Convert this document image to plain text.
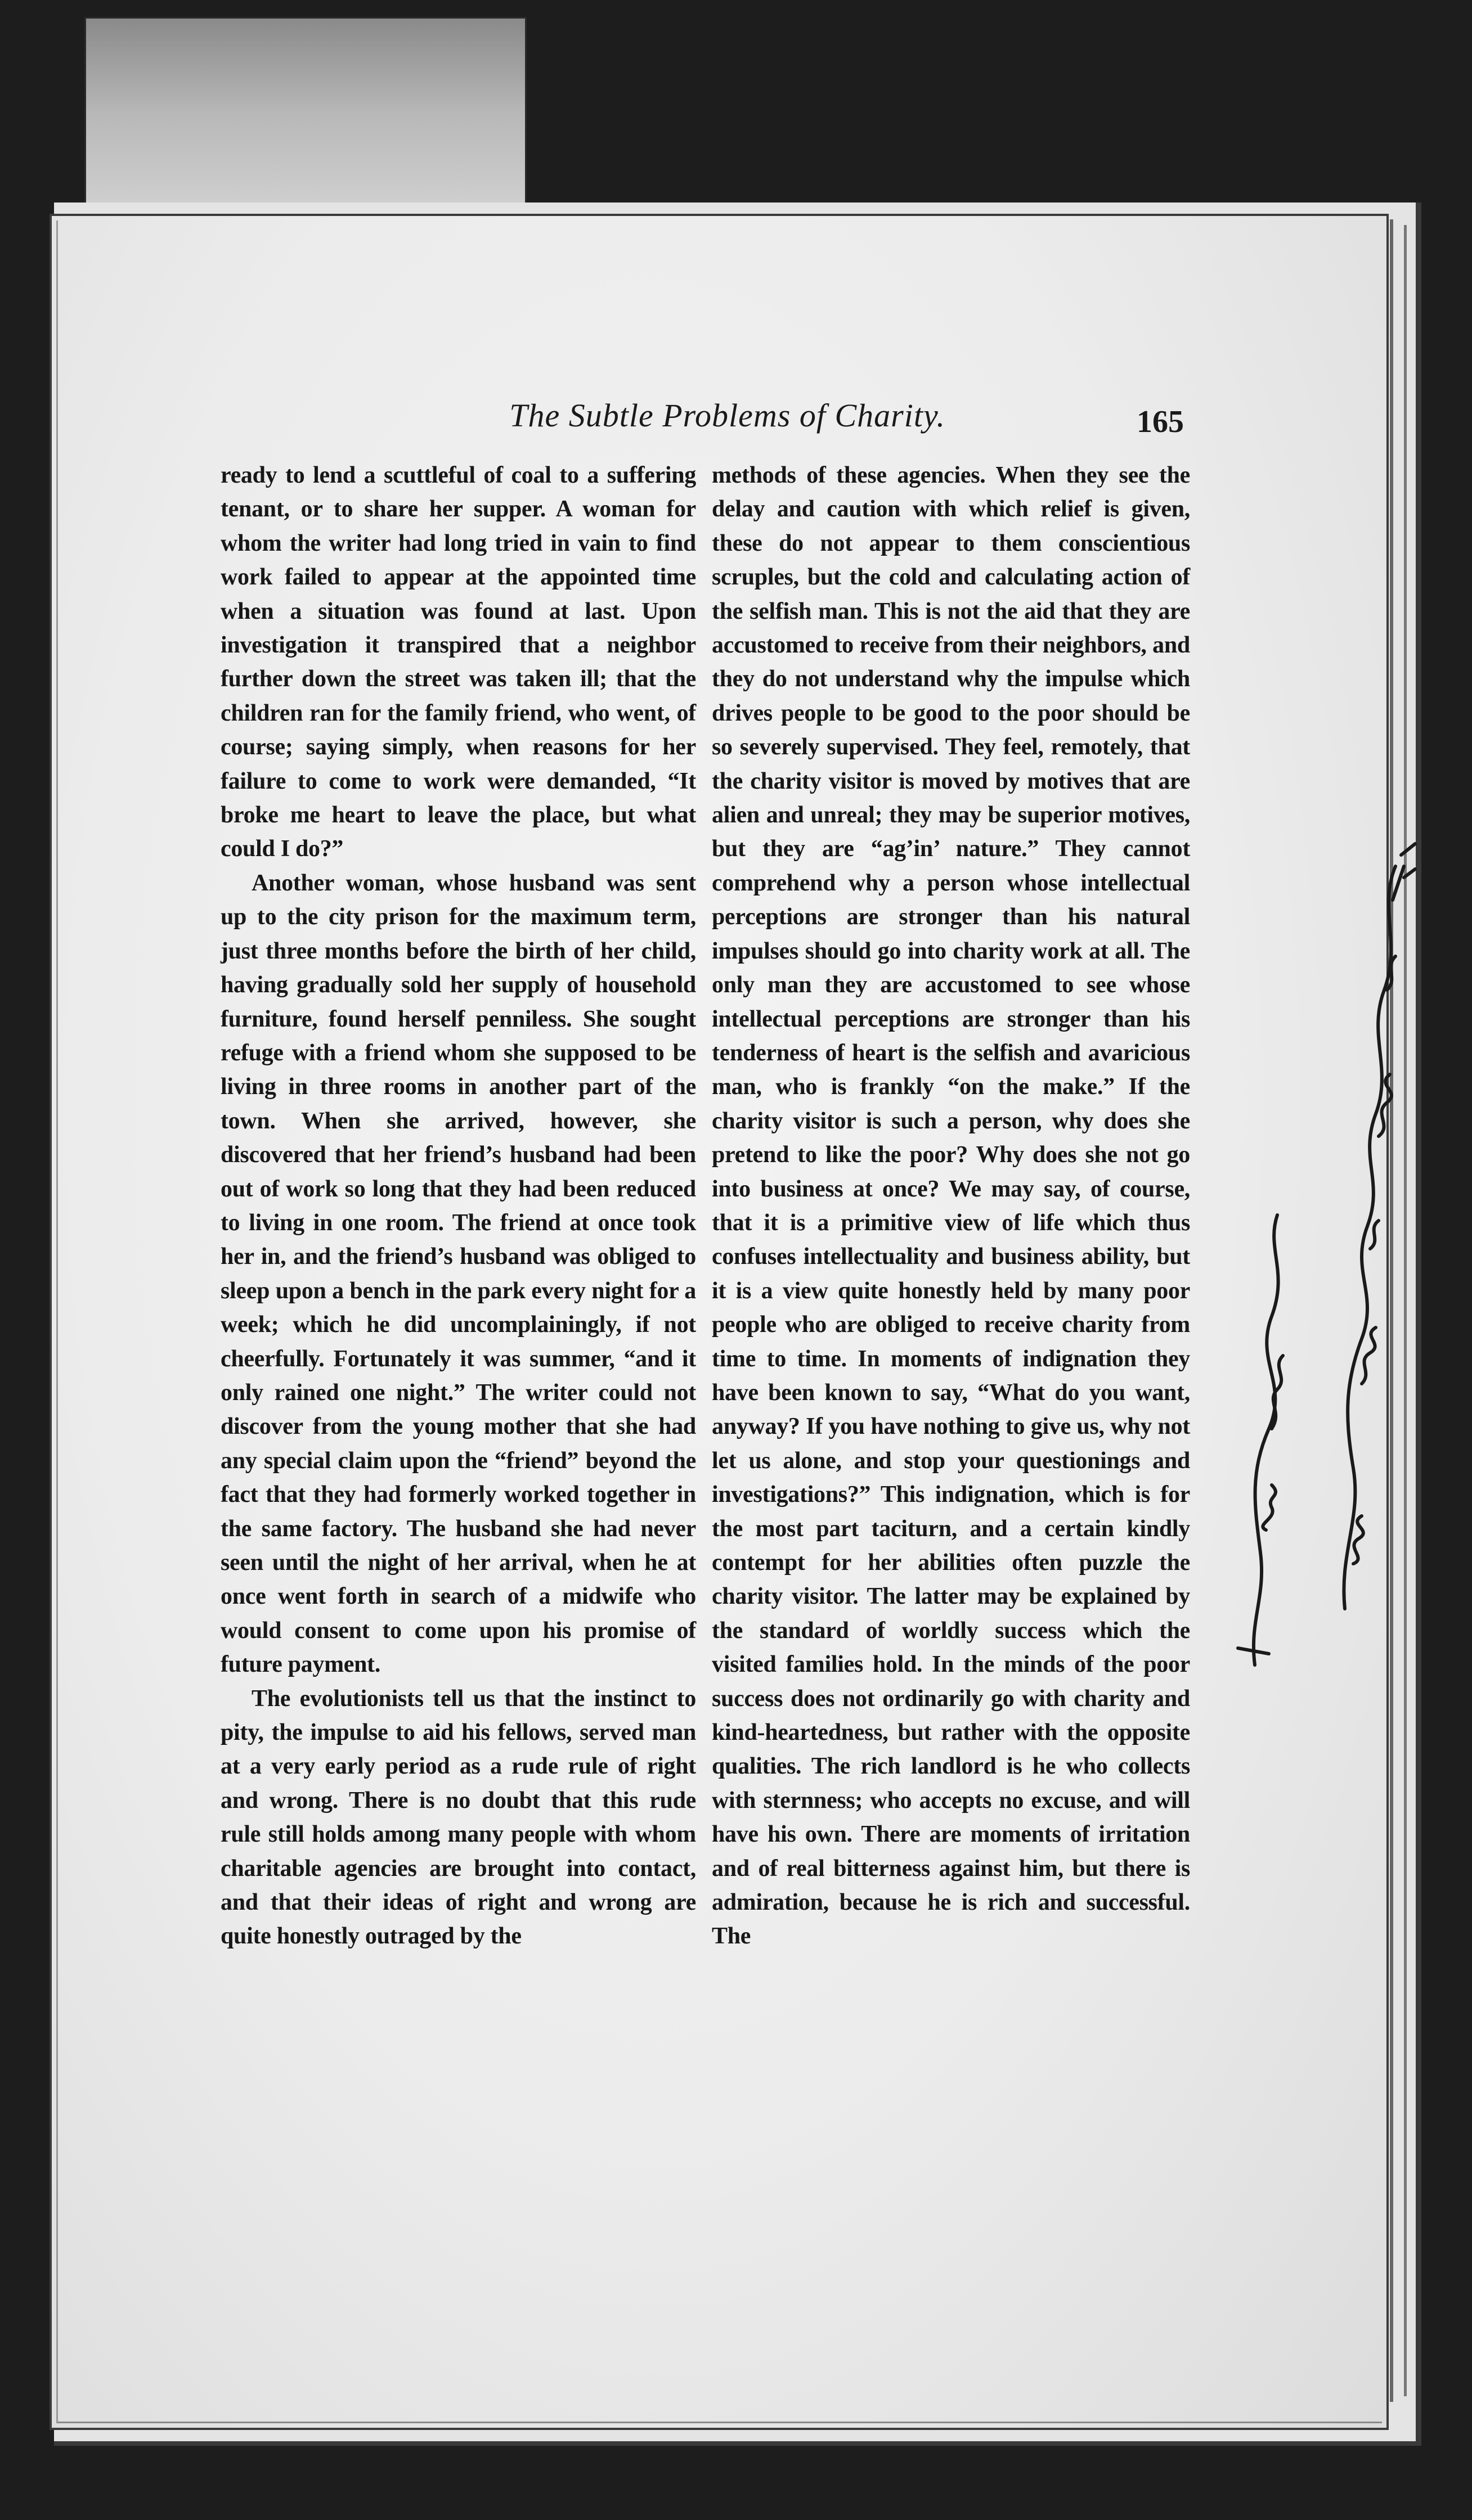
The Subtle Problems of Charity.	165

ready to lend a scuttleful of coal to a suffering tenant, or to share her supper. A woman for whom the writer had long tried in vain to find work failed to appear at the appointed time when a situation was found at last. Upon investigation it transpired that a neighbor further down the street was taken ill; that the children ran for the family friend, who went, of course; saying simply, when reasons for her failure to come to work were demanded, “It broke me heart to leave the place, but what could I do?”

Another woman, whose husband was sent up to the city prison for the maximum term, just three months before the birth of her child, having gradually sold her supply of household furniture, found herself penniless. She sought refuge with a friend whom she supposed to be living in three rooms in another part of the town. When she arrived, however, she discovered that her friend’s husband had been out of work so long that they had been reduced to living in one room. The friend at once took her in, and the friend’s husband was obliged to sleep upon a bench in the park every night for a week; which he did uncomplainingly, if not cheerfully. Fortunately it was summer, “and it only rained one night.” The writer could not discover from the young mother that she had any special claim upon the “friend” beyond the fact that they had formerly worked together in the same factory. The husband she had never seen until the night of her arrival, when he at once went forth in search of a midwife who would consent to come upon his promise of future payment.

The evolutionists tell us that the instinct to pity, the impulse to aid his fellows, served man at a very early period as a rude rule of right and wrong. There is no doubt that this rude rule still holds among many people with whom charitable agencies are brought into contact, and that their ideas of right and wrong are quite honestly outraged by the

methods of these agencies. When they see the delay and caution with which relief is given, these do not appear to them conscientious scruples, but the cold and calculating action of the selfish man. This is not the aid that they are accustomed to receive from their neighbors, and they do not understand why the impulse which drives people to be good to the poor should be so severely supervised. They feel, remotely, that the charity visitor is moved by motives that are alien and unreal; they may be superior motives, but they are “ag’in’ nature.” They cannot comprehend why a person whose intellectual perceptions are stronger than his natural impulses should go into charity work at all. The only man they are accustomed to see whose intellectual perceptions are stronger than his tenderness of heart is the selfish and avaricious man, who is frankly “on the make.” If the charity visitor is such a person, why does she pretend to like the poor? Why does she not go into business at once? We may say, of course, that it is a primitive view of life which thus confuses intellectuality and business ability, but it is a view quite honestly held by many poor people who are obliged to receive charity from time to time. In moments of indignation they have been known to say, “What do you want, anyway? If you have nothing to give us, why not let us alone, and stop your questionings and investigations?” This indignation, which is for the most part taciturn, and a certain kindly contempt for her abilities often puzzle the charity visitor. The latter may be explained by the standard of worldly success which the visited families hold. In the minds of the poor success does not ordinarily go with charity and kind-heartedness, but rather with the opposite qualities. The rich landlord is he who collects with sternness; who accepts no excuse, and will have his own. There are moments of irritation and of real bitterness against him, but there is admiration, because he is rich and successful. The
